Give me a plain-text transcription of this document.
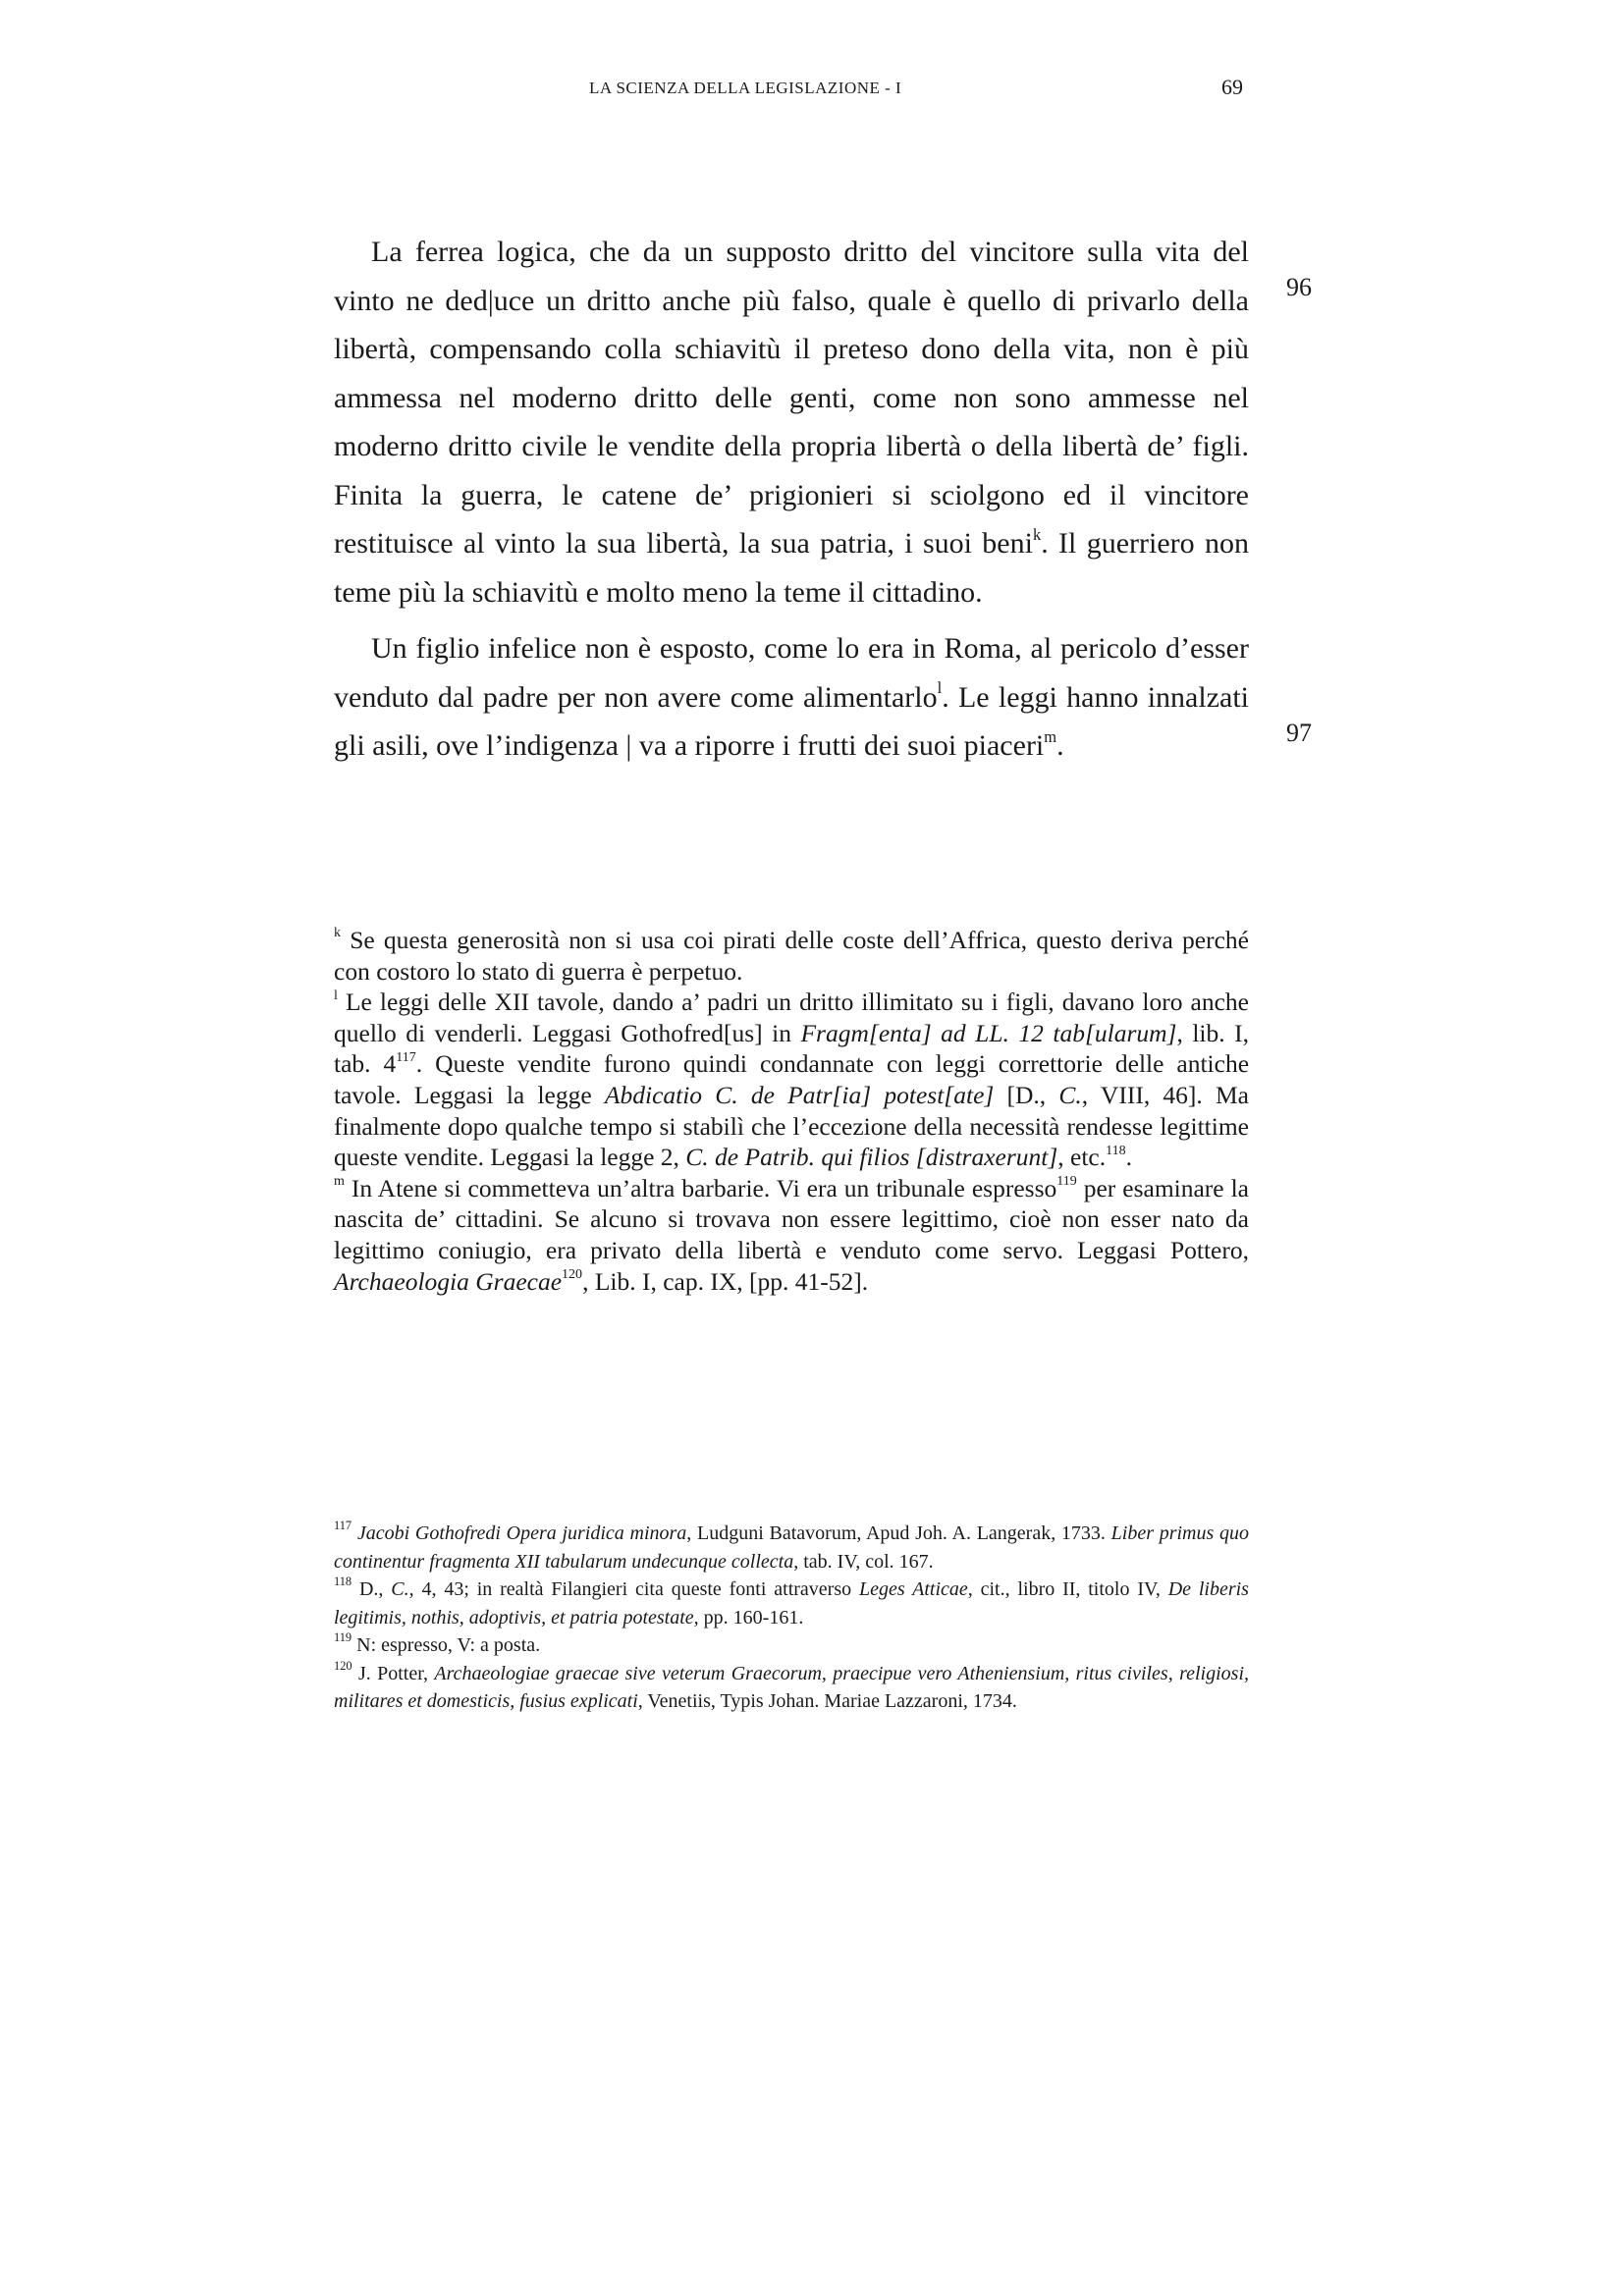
LA SCIENZA DELLA LEGISLAZIONE - I	69
96
97

La ferrea logica, che da un supposto dritto del vincitore sulla vita del vinto ne ded|uce un dritto anche più falso, quale è quello di privarlo della libertà, compensando colla schiavitù il preteso dono della vita, non è più ammessa nel moderno dritto delle genti, come non sono ammesse nel moderno dritto civile le vendite della propria libertà o della libertà de’ figli. Finita la guerra, le catene de’ prigionieri si sciolgono ed il vincitore restituisce al vinto la sua libertà, la sua patria, i suoi beni$^k$. Il guerriero non teme più la schiavitù e molto meno la teme il cittadino.

Un figlio infelice non è esposto, come lo era in Roma, al pericolo d’esser venduto dal padre per non avere come alimentarlo$^l$. Le leggi hanno innalzati gli asili, ove l’indigenza | va a riporre i frutti dei suoi piaceri$^m$.

$^k$ Se questa generosità non si usa coi pirati delle coste dell’Affrica, questo deriva perché con costoro lo stato di guerra è perpetuo.

$^l$ Le leggi delle XII tavole, dando a’ padri un dritto illimitato su i figli, davano loro anche quello di venderli. Leggasi Gothofred[us] in Fragm[enta] ad LL. 12 tab[ularum], lib. I, tab. $4^{117}$. Queste vendite furono quindi condannate con leggi correttorie delle antiche tavole. Leggasi la legge Abdicatio C. de Patr[ia] potest[ate] [D., C., VIII, 46]. Ma finalmente dopo qualche tempo si stabilì che l’eccezione della necessità rendesse legittime queste vendite. Leggasi la legge 2, C. de Patrib. qui filios [distraxerunt], etc.$^{118}$.

$^m$ In Atene si commetteva un’altra barbarie. Vi era un tribunale espresso$^{119}$ per esaminare la nascita de’ cittadini. Se alcuno si trovava non essere legittimo, cioè non esser nato da legittimo coniugio, era privato della libertà e venduto come servo. Leggasi Pottero, Archaeologia Graecae$^{120}$, Lib. I, cap. IX, [pp. 41-52].

$^{117}$ Jacobi Gothofredi Opera juridica minora, Ludguni Batavorum, Apud Joh. A. Langerak, 1733. Liber primus quo continentur fragmenta XII tabularum undecunque collecta, tab. IV, col. 167.

$^{118}$ D., C., 4, 43; in realtà Filangieri cita queste fonti attraverso Leges Atticae, cit., libro II, titolo IV, De liberis legitimis, nothis, adoptivis, et patria potestate, pp. 160-161.

$^{119}$ N: espresso, V: a posta.

$^{120}$ J. Potter, Archaeologiae graecae sive veterum Graecorum, praecipue vero Atheniensium, ritus civiles, religiosi, militares et domesticis, fusius explicati, Venetiis, Typis Johan. Mariae Lazzaroni, 1734.
